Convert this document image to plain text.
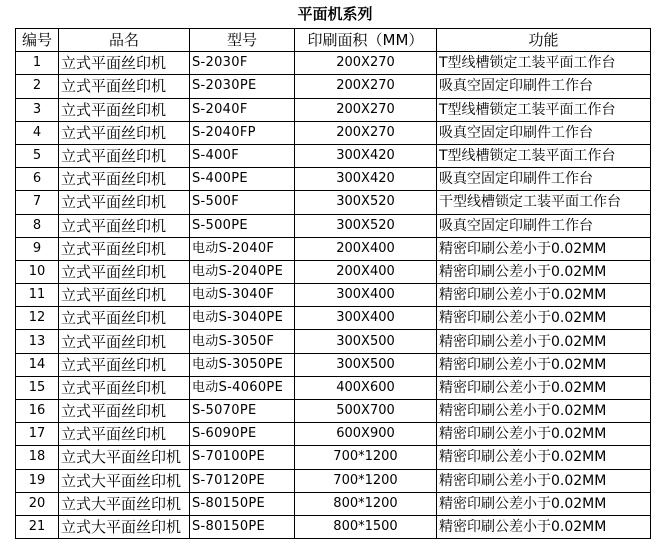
平面机系列
编号	品名	型号	印刷面积（MM）	功能
1	立式平面丝印机	S-2030F	200X270	T型线槽锁定工装平面工作台
2	立式平面丝印机	S-2030PE	200X270	吸真空固定印刷件工作台
3	立式平面丝印机	S-2040F	200X270	T型线槽锁定工装平面工作台
4	立式平面丝印机	S-2040FP	200X270	吸真空固定印刷件工作台
5	立式平面丝印机	S-400F	300X420	T型线槽锁定工装平面工作台
6	立式平面丝印机	S-400PE	300X420	吸真空固定印刷件工作台
7	立式平面丝印机	S-500F	300X520	干型线槽锁定工装平面工作台
8	立式平面丝印机	S-500PE	300X520	吸真空固定印刷件工作台
9	立式平面丝印机	电动S-2040F	200X400	精密印刷公差小于0.02MM
10	立式平面丝印机	电动S-2040PE	200X400	精密印刷公差小于0.02MM
11	立式平面丝印机	电动S-3040F	300X400	精密印刷公差小于0.02MM
12	立式平面丝印机	电动S-3040PE	300X400	精密印刷公差小于0.02MM
13	立式平面丝印机	电动S-3050F	300X500	精密印刷公差小于0.02MM
14	立式平面丝印机	电动S-3050PE	300X500	精密印刷公差小于0.02MM
15	立式平面丝印机	电动S-4060PE	400X600	精密印刷公差小于0.02MM
16	立式平面丝印机	S-5070PE	500X700	精密印刷公差小于0.02MM
17	立式平面丝印机	S-6090PE	600X900	精密印刷公差小于0.02MM
18	立式大平面丝印机	S-70100PE	700*1200	精密印刷公差小于0.02MM
19	立式大平面丝印机	S-70120PE	700*1200	精密印刷公差小于0.02MM
20	立式大平面丝印机	S-80150PE	800*1200	精密印刷公差小于0.02MM
21	立式大平面丝印机	S-80150PE	800*1500	精密印刷公差小于0.02MM
